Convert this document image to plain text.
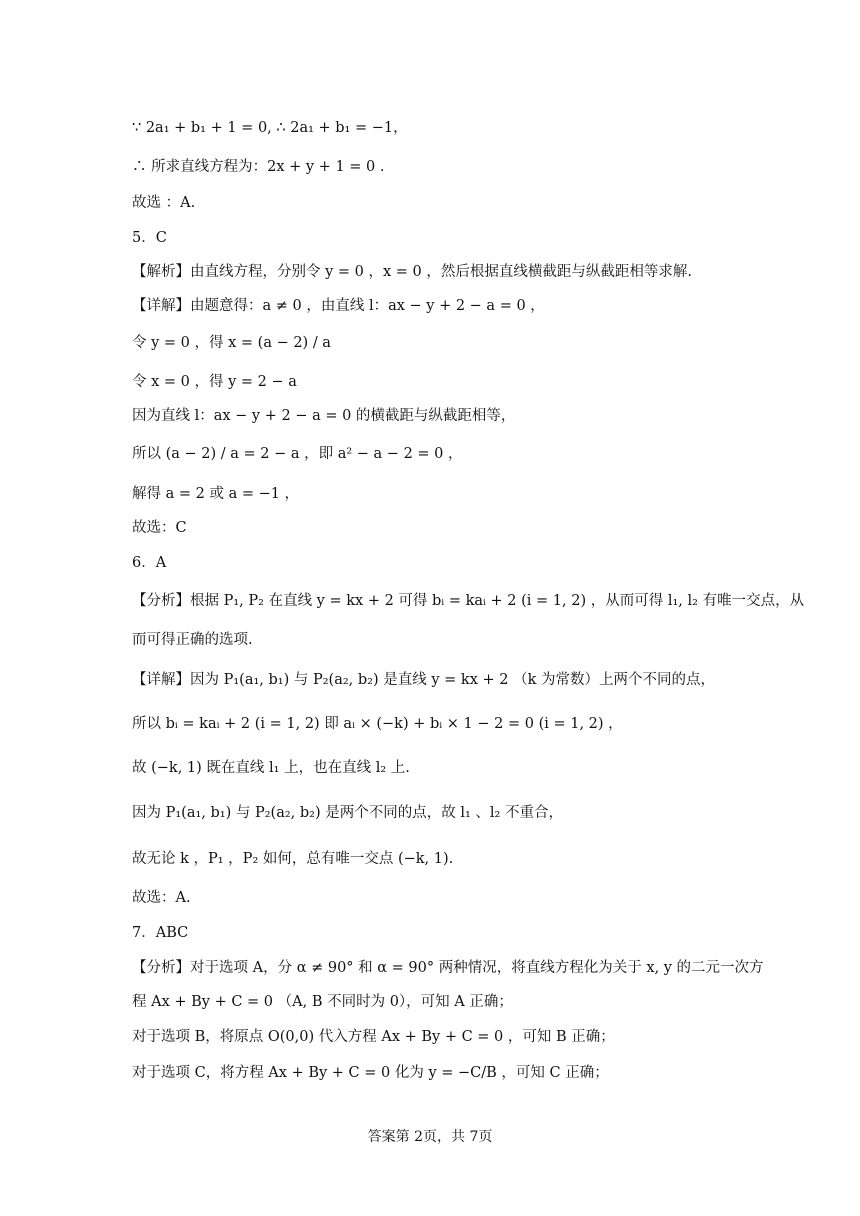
∵ 2a₁ + b₁ + 1 = 0, ∴ 2a₁ + b₁ = −1，
∴ 所求直线方程为：2x + y + 1 = 0 .
故选 ：A.
5．C
【解析】由直线方程，分别令 y = 0 ，x = 0 ，然后根据直线横截距与纵截距相等求解.
【详解】由题意得：a ≠ 0 ，由直线 l：ax − y + 2 − a = 0 ，
令 y = 0 ，得 x = (a − 2) / a
令 x = 0 ，得 y = 2 − a
因为直线 l：ax − y + 2 − a = 0 的横截距与纵截距相等，
所以 (a − 2) / a = 2 − a ，即 a² − a − 2 = 0 ，
解得 a = 2 或 a = −1 ，
故选：C
6．A
【分析】根据 P₁, P₂ 在直线 y = kx + 2 可得 bᵢ = kaᵢ + 2 (i = 1, 2) ，从而可得 l₁, l₂ 有唯一交点，从
而可得正确的选项.
【详解】因为 P₁(a₁, b₁) 与 P₂(a₂, b₂) 是直线 y = kx + 2 （k 为常数）上两个不同的点，
所以 bᵢ = kaᵢ + 2 (i = 1, 2) 即 aᵢ × (−k) + bᵢ × 1 − 2 = 0 (i = 1, 2) ，
故 (−k, 1) 既在直线 l₁ 上，也在直线 l₂ 上.
因为 P₁(a₁, b₁) 与 P₂(a₂, b₂) 是两个不同的点，故 l₁ 、l₂ 不重合，
故无论 k ，P₁ ，P₂ 如何，总有唯一交点 (−k, 1).
故选：A.
7．ABC
【分析】对于选项 A，分 α ≠ 90° 和 α = 90° 两种情况，将直线方程化为关于 x, y 的二元一次方
程 Ax + By + C = 0 （A, B 不同时为 0），可知 A 正确；
对于选项 B，将原点 O(0,0) 代入方程 Ax + By + C = 0 ，可知 B 正确；
对于选项 C，将方程 Ax + By + C = 0 化为 y = −C/B ，可知 C 正确；
答案第 2页，共 7页
